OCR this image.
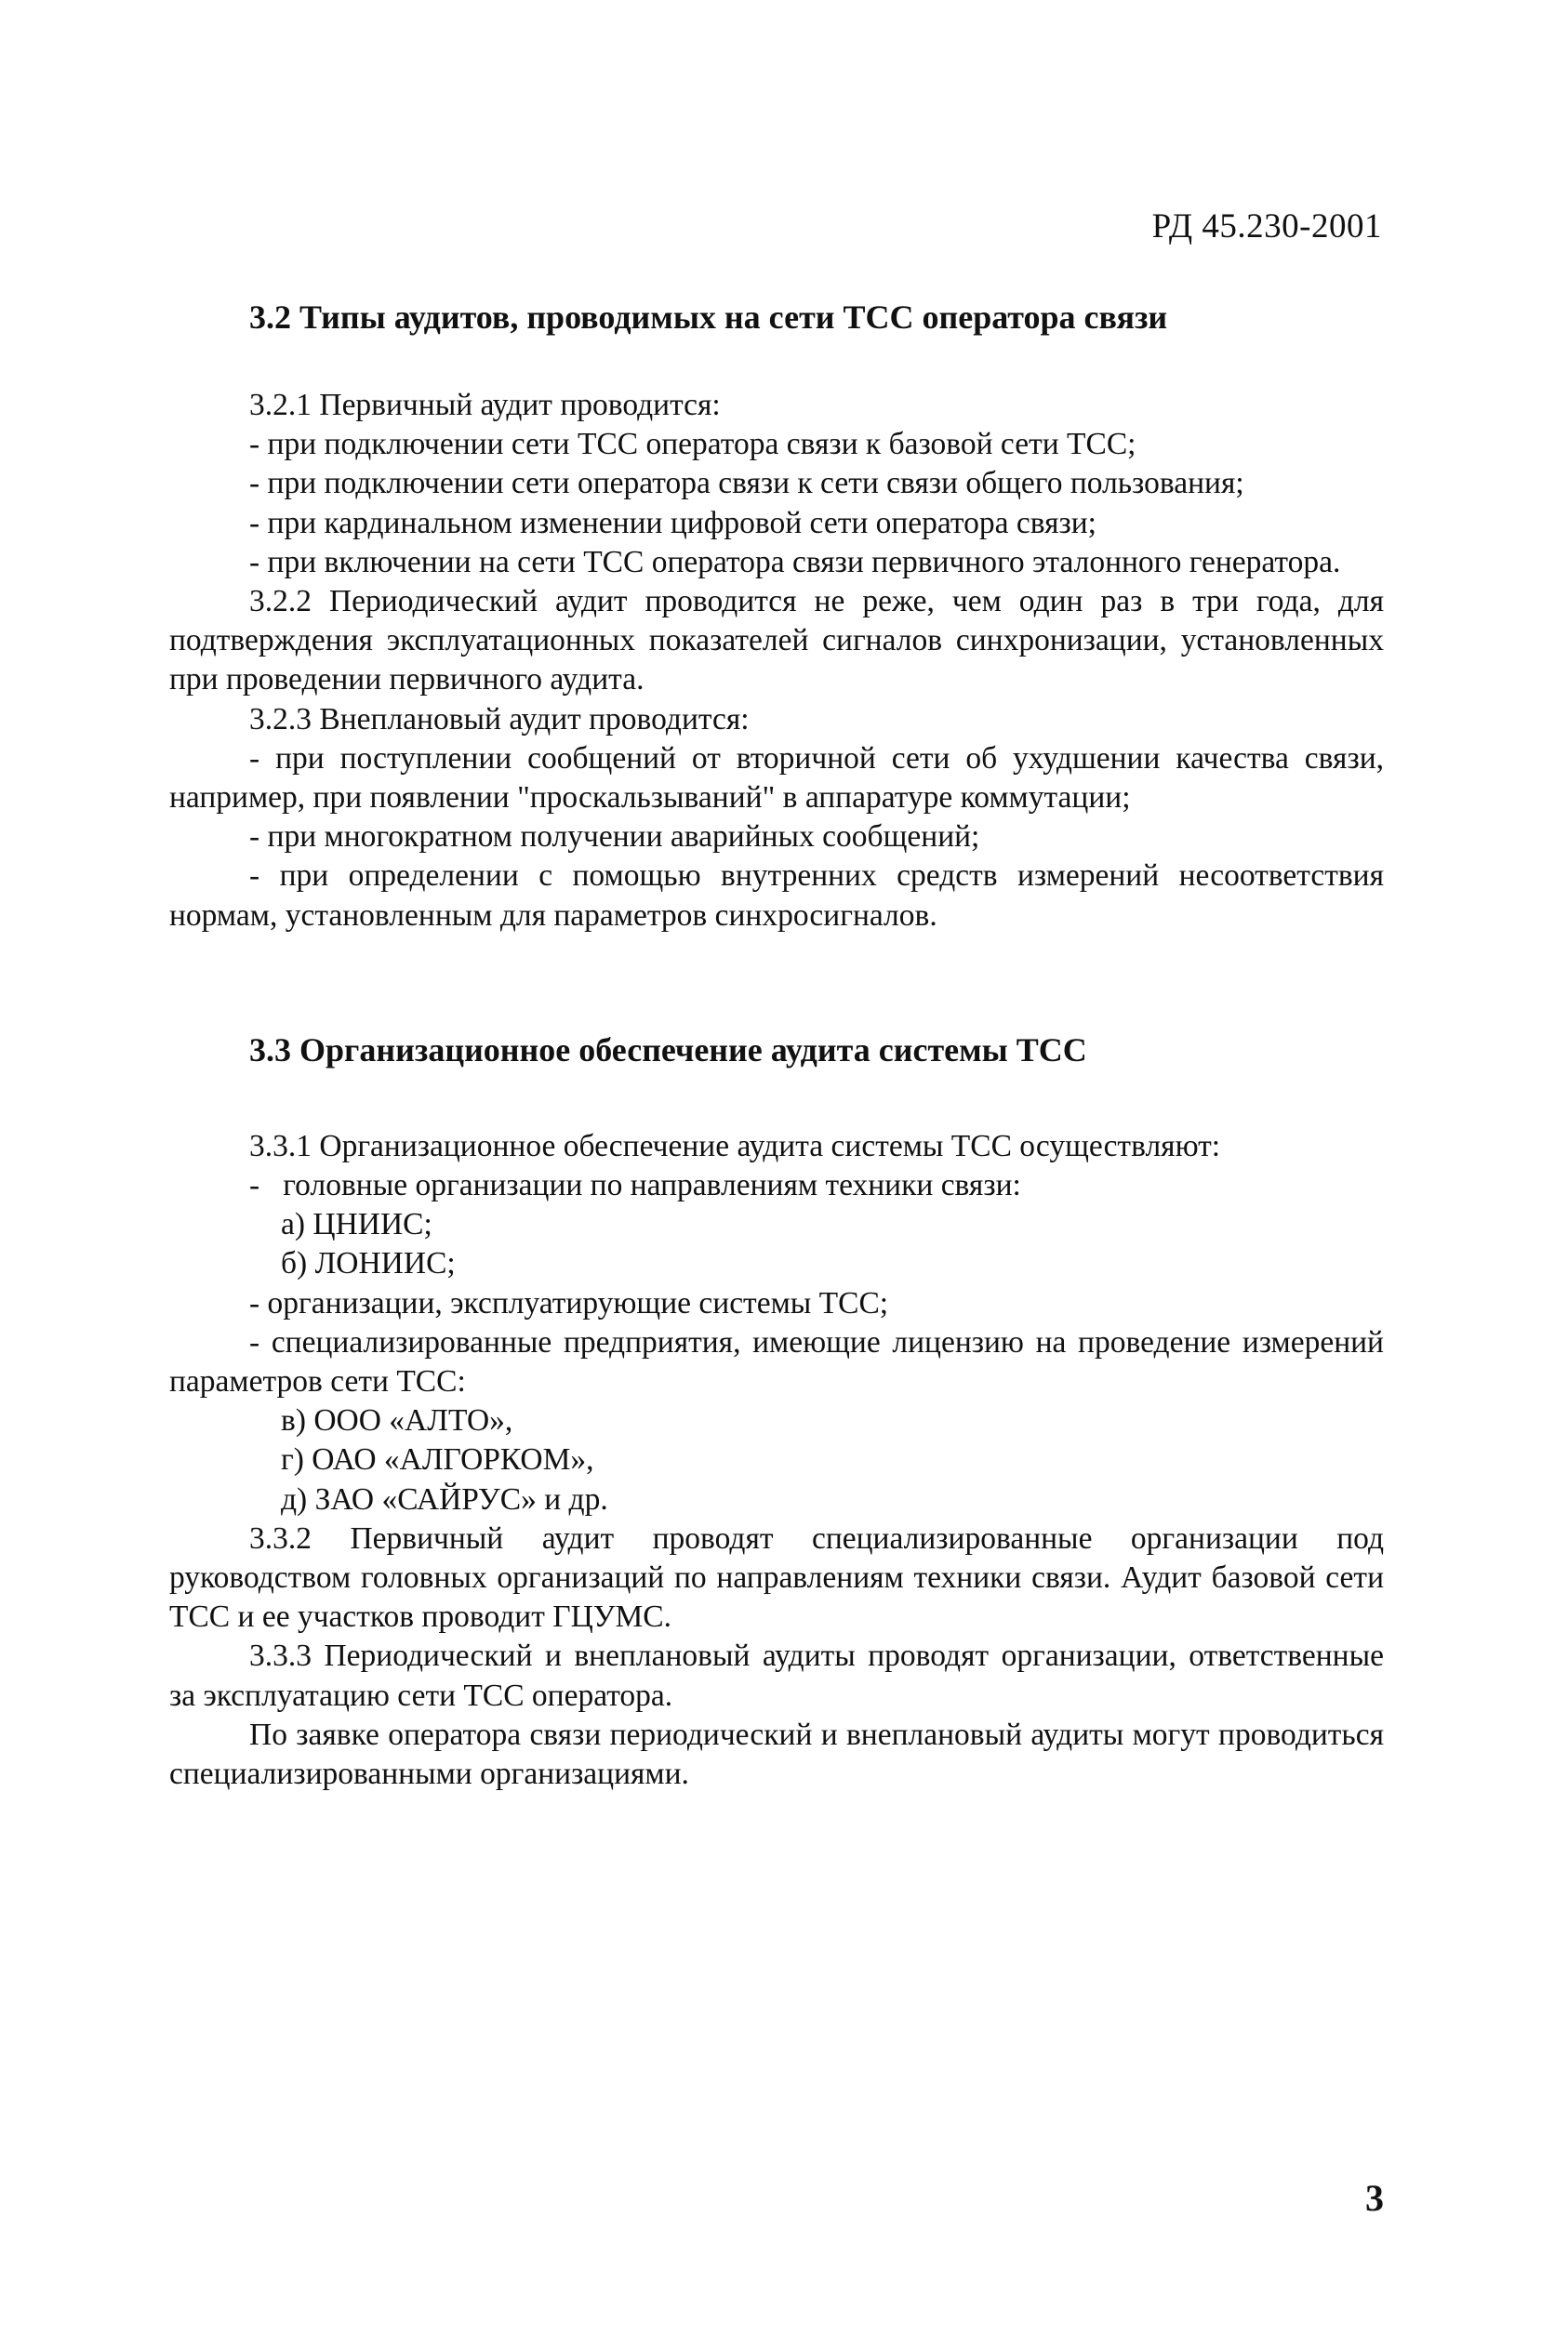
РД 45.230-2001
3.2 Типы аудитов, проводимых на сети ТСС оператора связи

3.2.1 Первичный аудит проводится:

- при подключении сети ТСС оператора связи к базовой сети ТСС;

- при подключении сети оператора связи к сети связи общего пользования;

- при кардинальном изменении цифровой сети оператора связи;

- при включении на сети ТСС оператора связи первичного эталонного генератора.

3.2.2 Периодический аудит проводится не реже, чем один раз в три года, для подтверждения эксплуатационных показателей сигналов синхронизации, установленных при проведении первичного аудита.

3.2.3 Внеплановый аудит проводится:

- при поступлении сообщений от вторичной сети об ухудшении качества связи, например, при появлении "проскальзываний" в аппаратуре коммутации;

- при многократном получении аварийных сообщений;

- при определении с помощью внутренних средств измерений несоответствия нормам, установленным для параметров синхросигналов.

3.3 Организационное обеспечение аудита системы ТСС

3.3.1 Организационное обеспечение аудита системы ТСС осуществляют:

-   головные организации по направлениям техники связи:

а) ЦНИИС;

б) ЛОНИИС;

- организации, эксплуатирующие системы ТСС;

- специализированные предприятия, имеющие лицензию на проведение измерений параметров сети ТСС:

в) ООО «АЛТО»,

г) ОАО «АЛГОРКОМ»,

д) ЗАО «САЙРУС» и др.

3.3.2 Первичный аудит проводят специализированные организации под руководством головных организаций по направлениям техники связи. Аудит базовой сети ТСС и ее участков проводит ГЦУМС.

3.3.3 Периодический и внеплановый аудиты проводят организации, ответственные за эксплуатацию сети ТСС оператора.

По заявке оператора связи периодический и внеплановый аудиты могут проводиться специализированными организациями.

3
